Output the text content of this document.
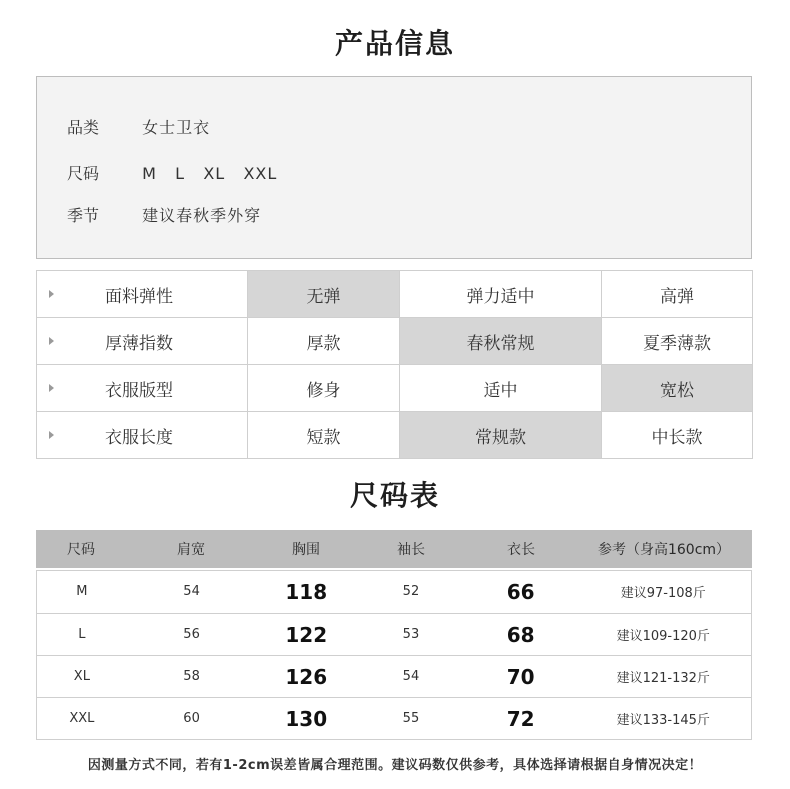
产品信息
品类	女士卫衣
尺码	M   L   XL   XXL
季节	建议春秋季外穿
面料弹性	无弹	弹力适中	高弹

厚薄指数	厚款	春秋常规	夏季薄款

衣服版型	修身	适中	宽松

衣服长度	短款	常规款	中长款
尺码表
尺码	肩宽	胸围	袖长	衣长	参考（身高160cm）
M	54	118	52	66	建议97-108斤
L	56	122	53	68	建议109-120斤
XL	58	126	54	70	建议121-132斤
XXL	60	130	55	72	建议133-145斤
因测量方式不同，若有1-2cm误差皆属合理范围。建议码数仅供参考，具体选择请根据自身情况决定！
